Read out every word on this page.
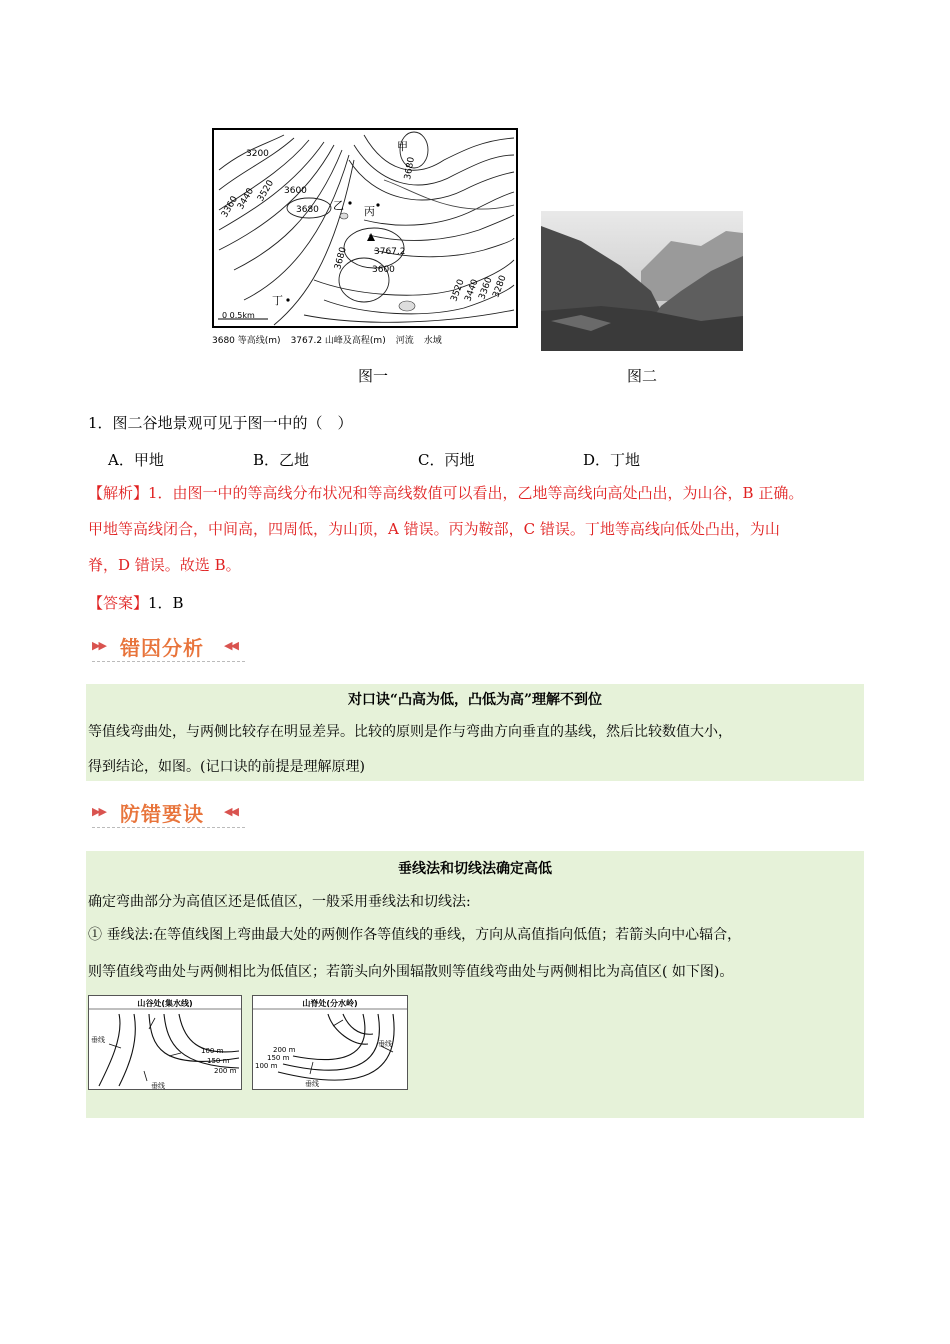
3200
3360
3440 3520 3600
3680
3680
3680	3600
3520
3440
3360
3280
3767.2
0 0.5km
甲
乙 丙
丁
3680 等高线(m) 3767.2 山峰及高程(m) 河流 水域
图一	图二
1．图二谷地景观可见于图一中的（　）
A．甲地	B．乙地	C．丙地	D．丁地
【解析】1．由图一中的等高线分布状况和等高线数值可以看出，乙地等高线向高处凸出，为山谷，B 正确。
甲地等高线闭合，中间高，四周低，为山顶，A 错误。丙为鞍部，C 错误。丁地等高线向低处凸出，为山
脊，D 错误。故选 B。
【答案】1．B
▶▶ 错因分析 ◀◀
对口诀“凸高为低，凸低为高”理解不到位
等值线弯曲处，与两侧比较存在明显差异。比较的原则是作与弯曲方向垂直的基线，然后比较数值大小，
得到结论，如图。(记口诀的前提是理解原理)
▶▶ 防错要诀 ◀◀
垂线法和切线法确定高低
确定弯曲部分为高值区还是低值区，一般采用垂线法和切线法:
① 垂线法:在等值线图上弯曲最大处的两侧作各等值线的垂线，方向从高值指向低值；若箭头向中心辐合，
则等值线弯曲处与两侧相比为低值区；若箭头向外围辐散则等值线弯曲处与两侧相比为高值区( 如下图)。
山谷处(集水线)
垂线
垂线
100 m
150 m
200 m
山脊处(分水岭)
200 m
150 m
100 m
垂线
垂线
